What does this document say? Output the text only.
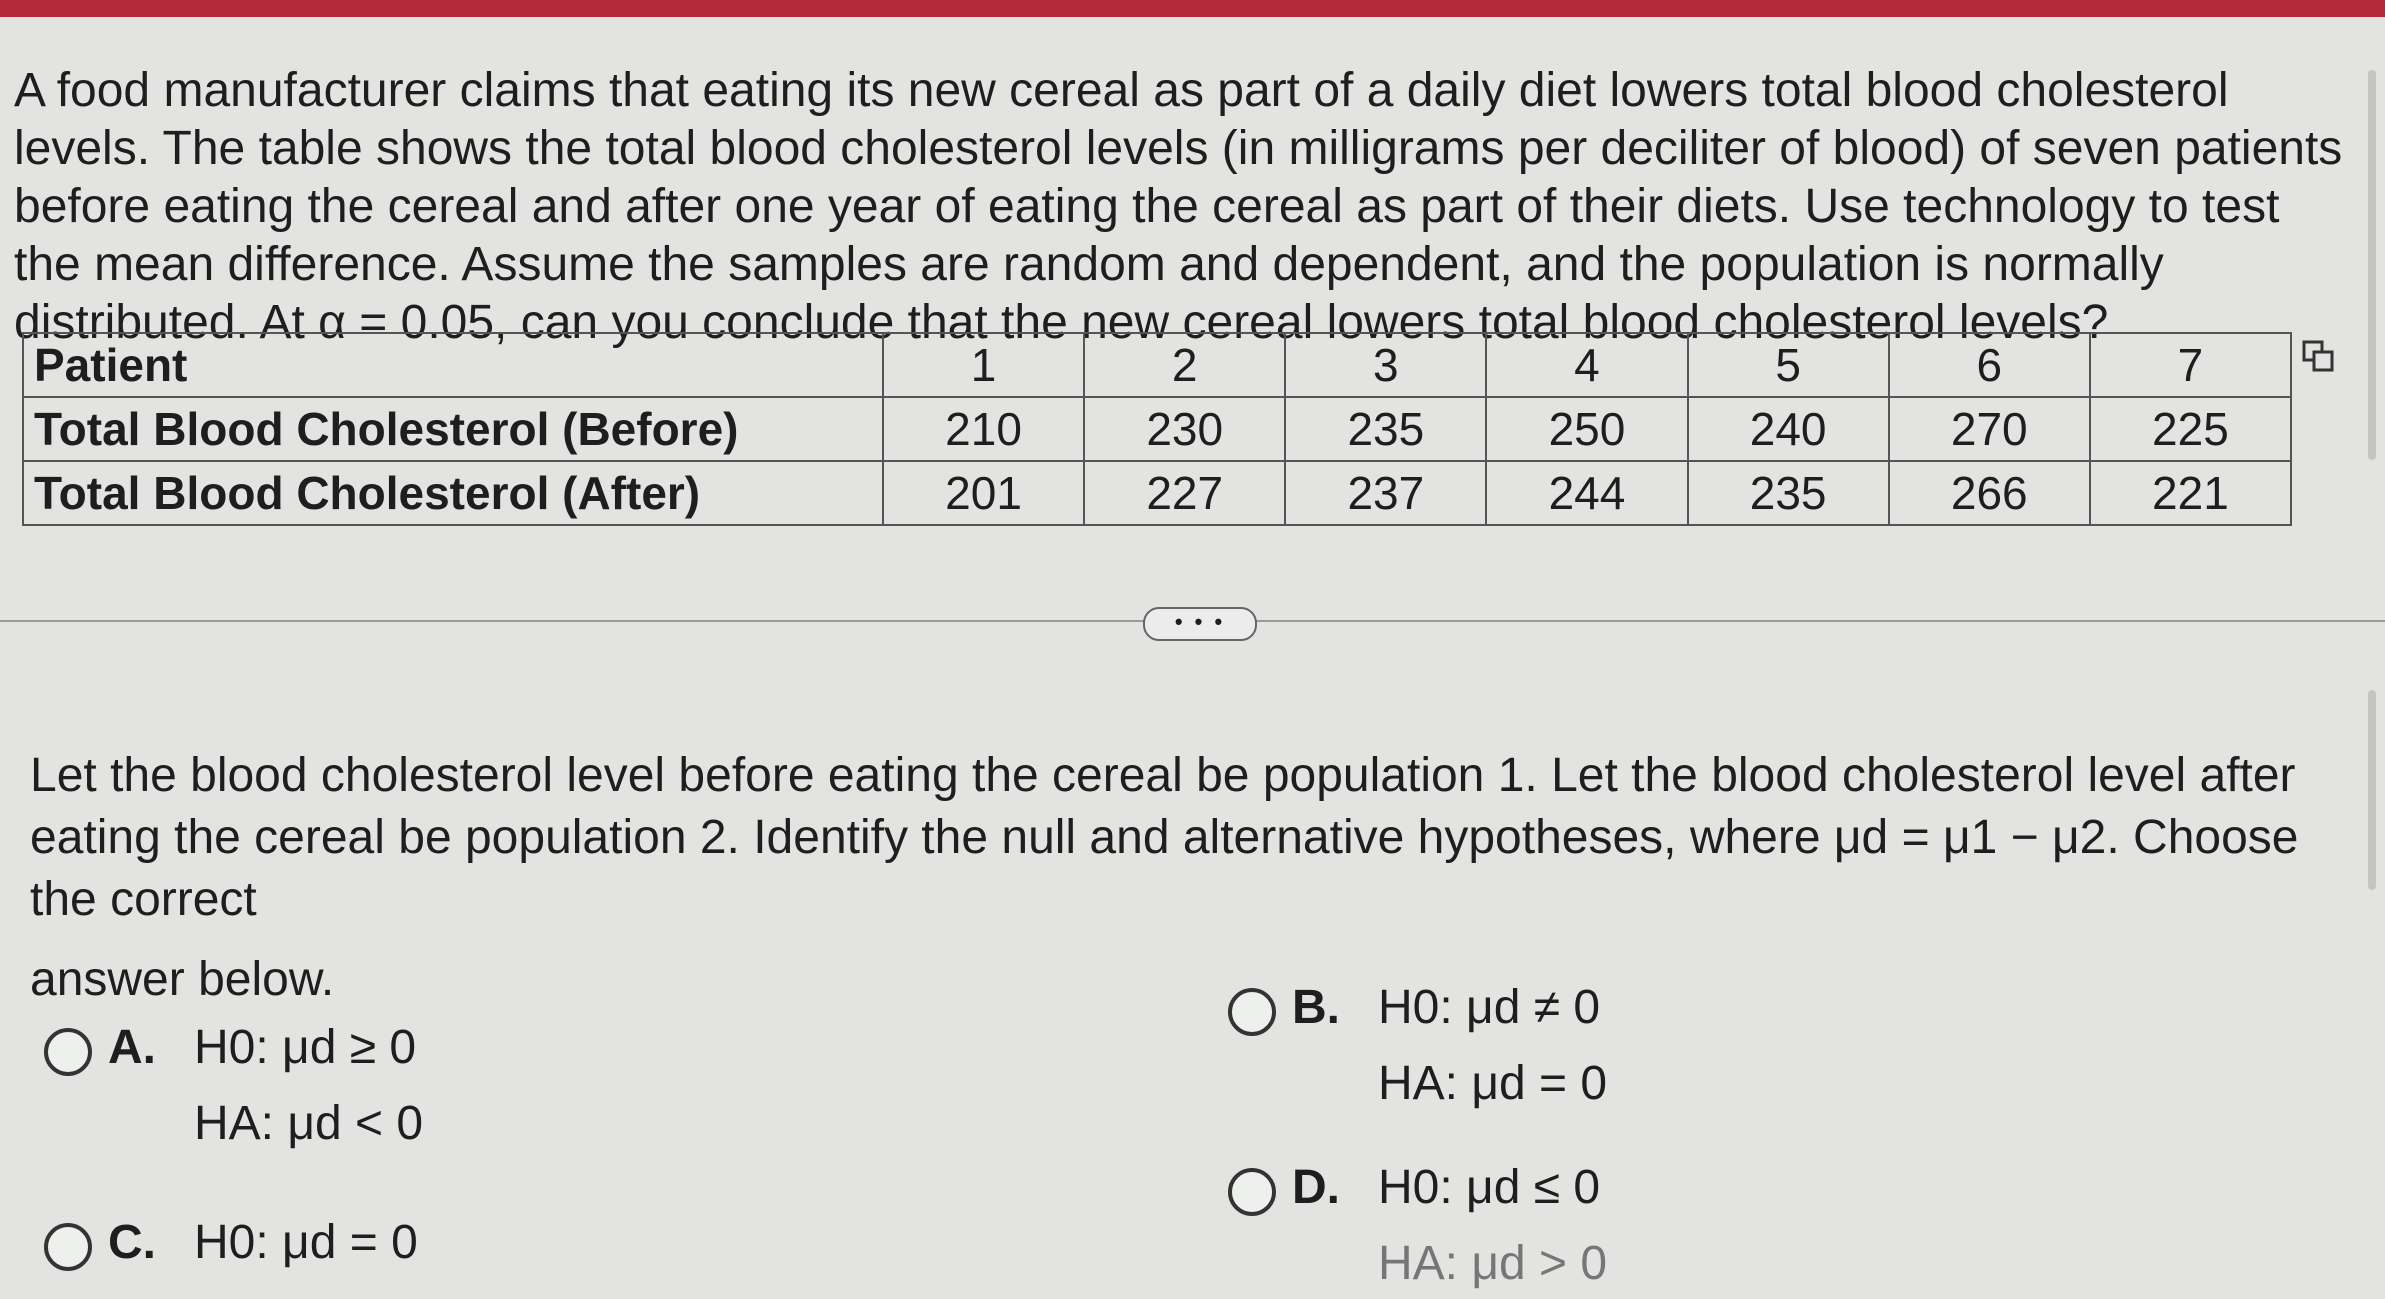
A food manufacturer claims that eating its new cereal as part of a daily diet lowers total blood cholesterol levels. The table shows the total blood cholesterol levels (in milligrams per deciliter of blood) of seven patients before eating the cereal and after one year of eating the cereal as part of their diets. Use technology to test the mean difference. Assume the samples are random and dependent, and the population is normally distributed. At α = 0.05, can you conclude that the new cereal lowers total blood cholesterol levels?

Patient	1	2	3	4	5	6	7
Total Blood Cholesterol (Before)	210	230	235	250	240	270	225
Total Blood Cholesterol (After)	201	227	237	244	235	266	221
• • •

Let the blood cholesterol level before eating the cereal be population 1. Let the blood cholesterol level after eating the cereal be population 2. Identify the null and alternative hypotheses, where μd = μ1 − μ2. Choose the correct
answer below.

A. H0: μd ≥ 0
HA: μd < 0
B. H0: μd ≠ 0
HA: μd = 0
C. H0: μd = 0
D. H0: μd ≤ 0
HA: μd > 0
